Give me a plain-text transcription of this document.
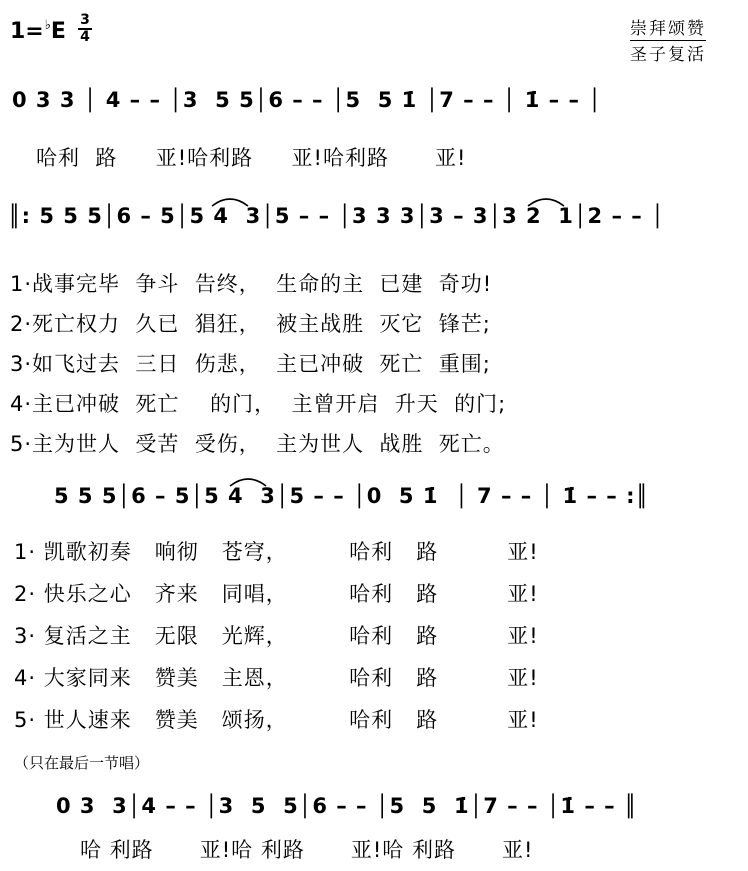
1=♭E 3
4	崇拜颂赞
圣子复活
0 3 3 │ 4 – – │3  5 5│6 – – │5  5 1̇ │7 – – │ 1̇ – – │
哈利  路     亚!哈利路     亚!哈利路      亚!
║: 5 5 5│6 – 5│5 4  3│5 – – │3 3 3│3 – 3│3 2  1│2 – – │
1·战事完毕  争斗  告终，  生命的主  已建  奇功!
2·死亡权力  久已  猖狂，  被主战胜  灭它  锋芒;
3·如飞过去  三日  伤悲，  主已冲破  死亡  重围;
4·主已冲破  死亡    的门，  主曾开启  升天  的门;
5·主为世人  受苦  受伤，  主为世人  战胜  死亡。
5 5 5│6 – 5│5 4  3│5 – – │0  5 1̇  │ 7 – – │ 1̇ – – :║
1· 凯歌初奏   响彻   苍穹，        哈利   路         亚!
2· 快乐之心   齐来   同唱，        哈利   路         亚!
3· 复活之主   无限   光辉，        哈利   路         亚!
4· 大家同来   赞美   主恩，        哈利   路         亚!
5· 世人速来   赞美   颂扬，        哈利   路         亚!
（只在最后一节唱）
0 3  3│4 – – │3  5  5│6 – – │5  5  1̇│7 – – │1̇ – – ║
哈 利路      亚!哈 利路      亚!哈 利路      亚!
